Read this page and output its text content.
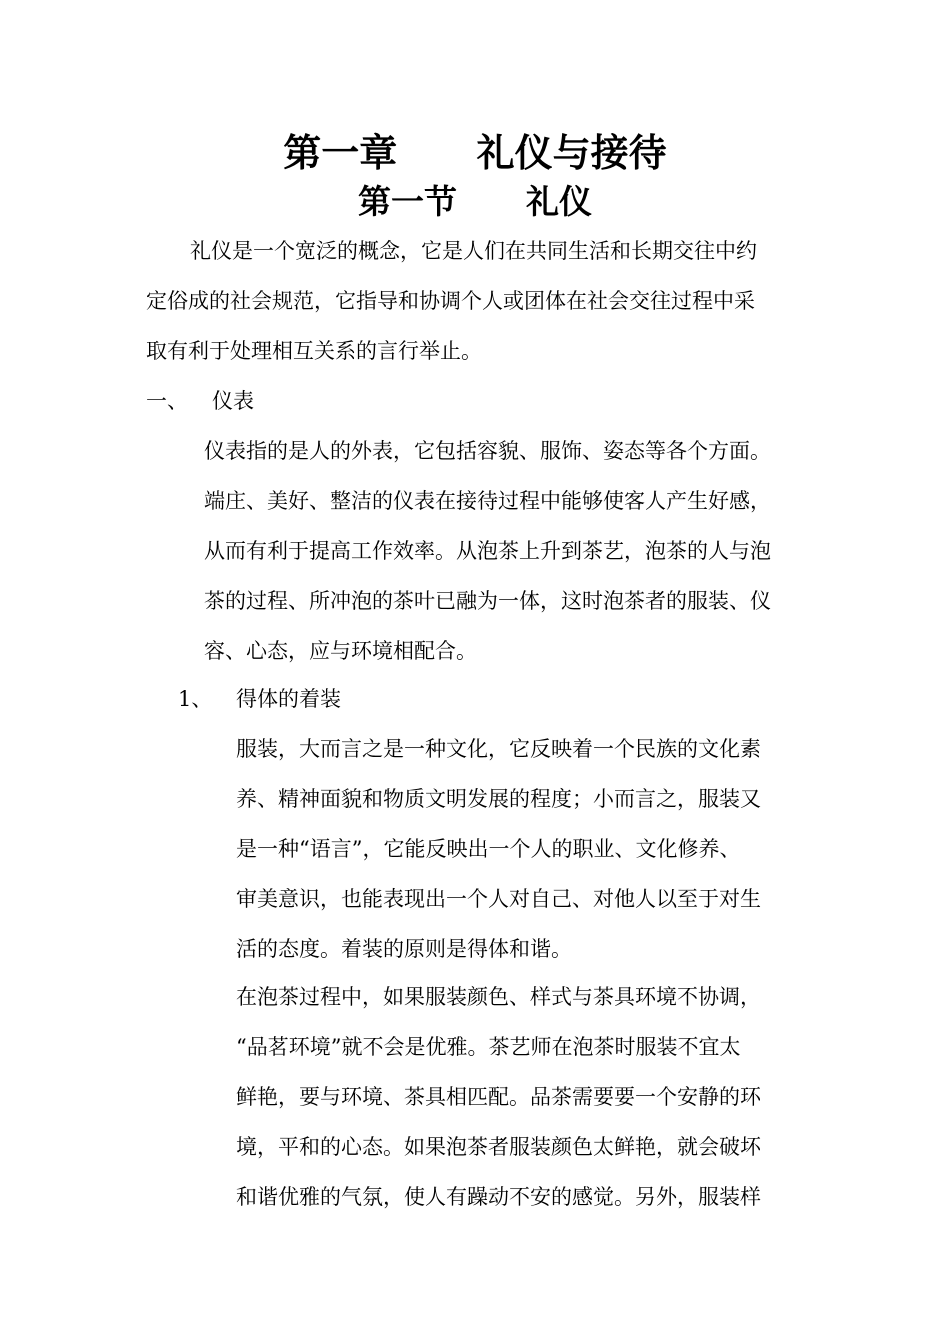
第一章      礼仪与接待
第一节      礼仪
礼仪是一个宽泛的概念，它是人们在共同生活和长期交往中约
定俗成的社会规范，它指导和协调个人或团体在社会交往过程中采
取有利于处理相互关系的言行举止。
一、 仪表
仪表指的是人的外表，它包括容貌、服饰、姿态等各个方面。
端庄、美好、整洁的仪表在接待过程中能够使客人产生好感，
从而有利于提高工作效率。从泡茶上升到茶艺，泡茶的人与泡
茶的过程、所冲泡的茶叶已融为一体，这时泡茶者的服装、仪
容、心态，应与环境相配合。
1、 得体的着装
服装，大而言之是一种文化，它反映着一个民族的文化素
养、精神面貌和物质文明发展的程度；小而言之，服装又
是一种“语言”，它能反映出一个人的职业、文化修养、
审美意识，也能表现出一个人对自己、对他人以至于对生
活的态度。着装的原则是得体和谐。
在泡茶过程中，如果服装颜色、样式与茶具环境不协调，
“品茗环境”就不会是优雅。茶艺师在泡茶时服装不宜太
鲜艳，要与环境、茶具相匹配。品茶需要要一个安静的环
境，平和的心态。如果泡茶者服装颜色太鲜艳，就会破坏
和谐优雅的气氛，使人有躁动不安的感觉。另外，服装样
